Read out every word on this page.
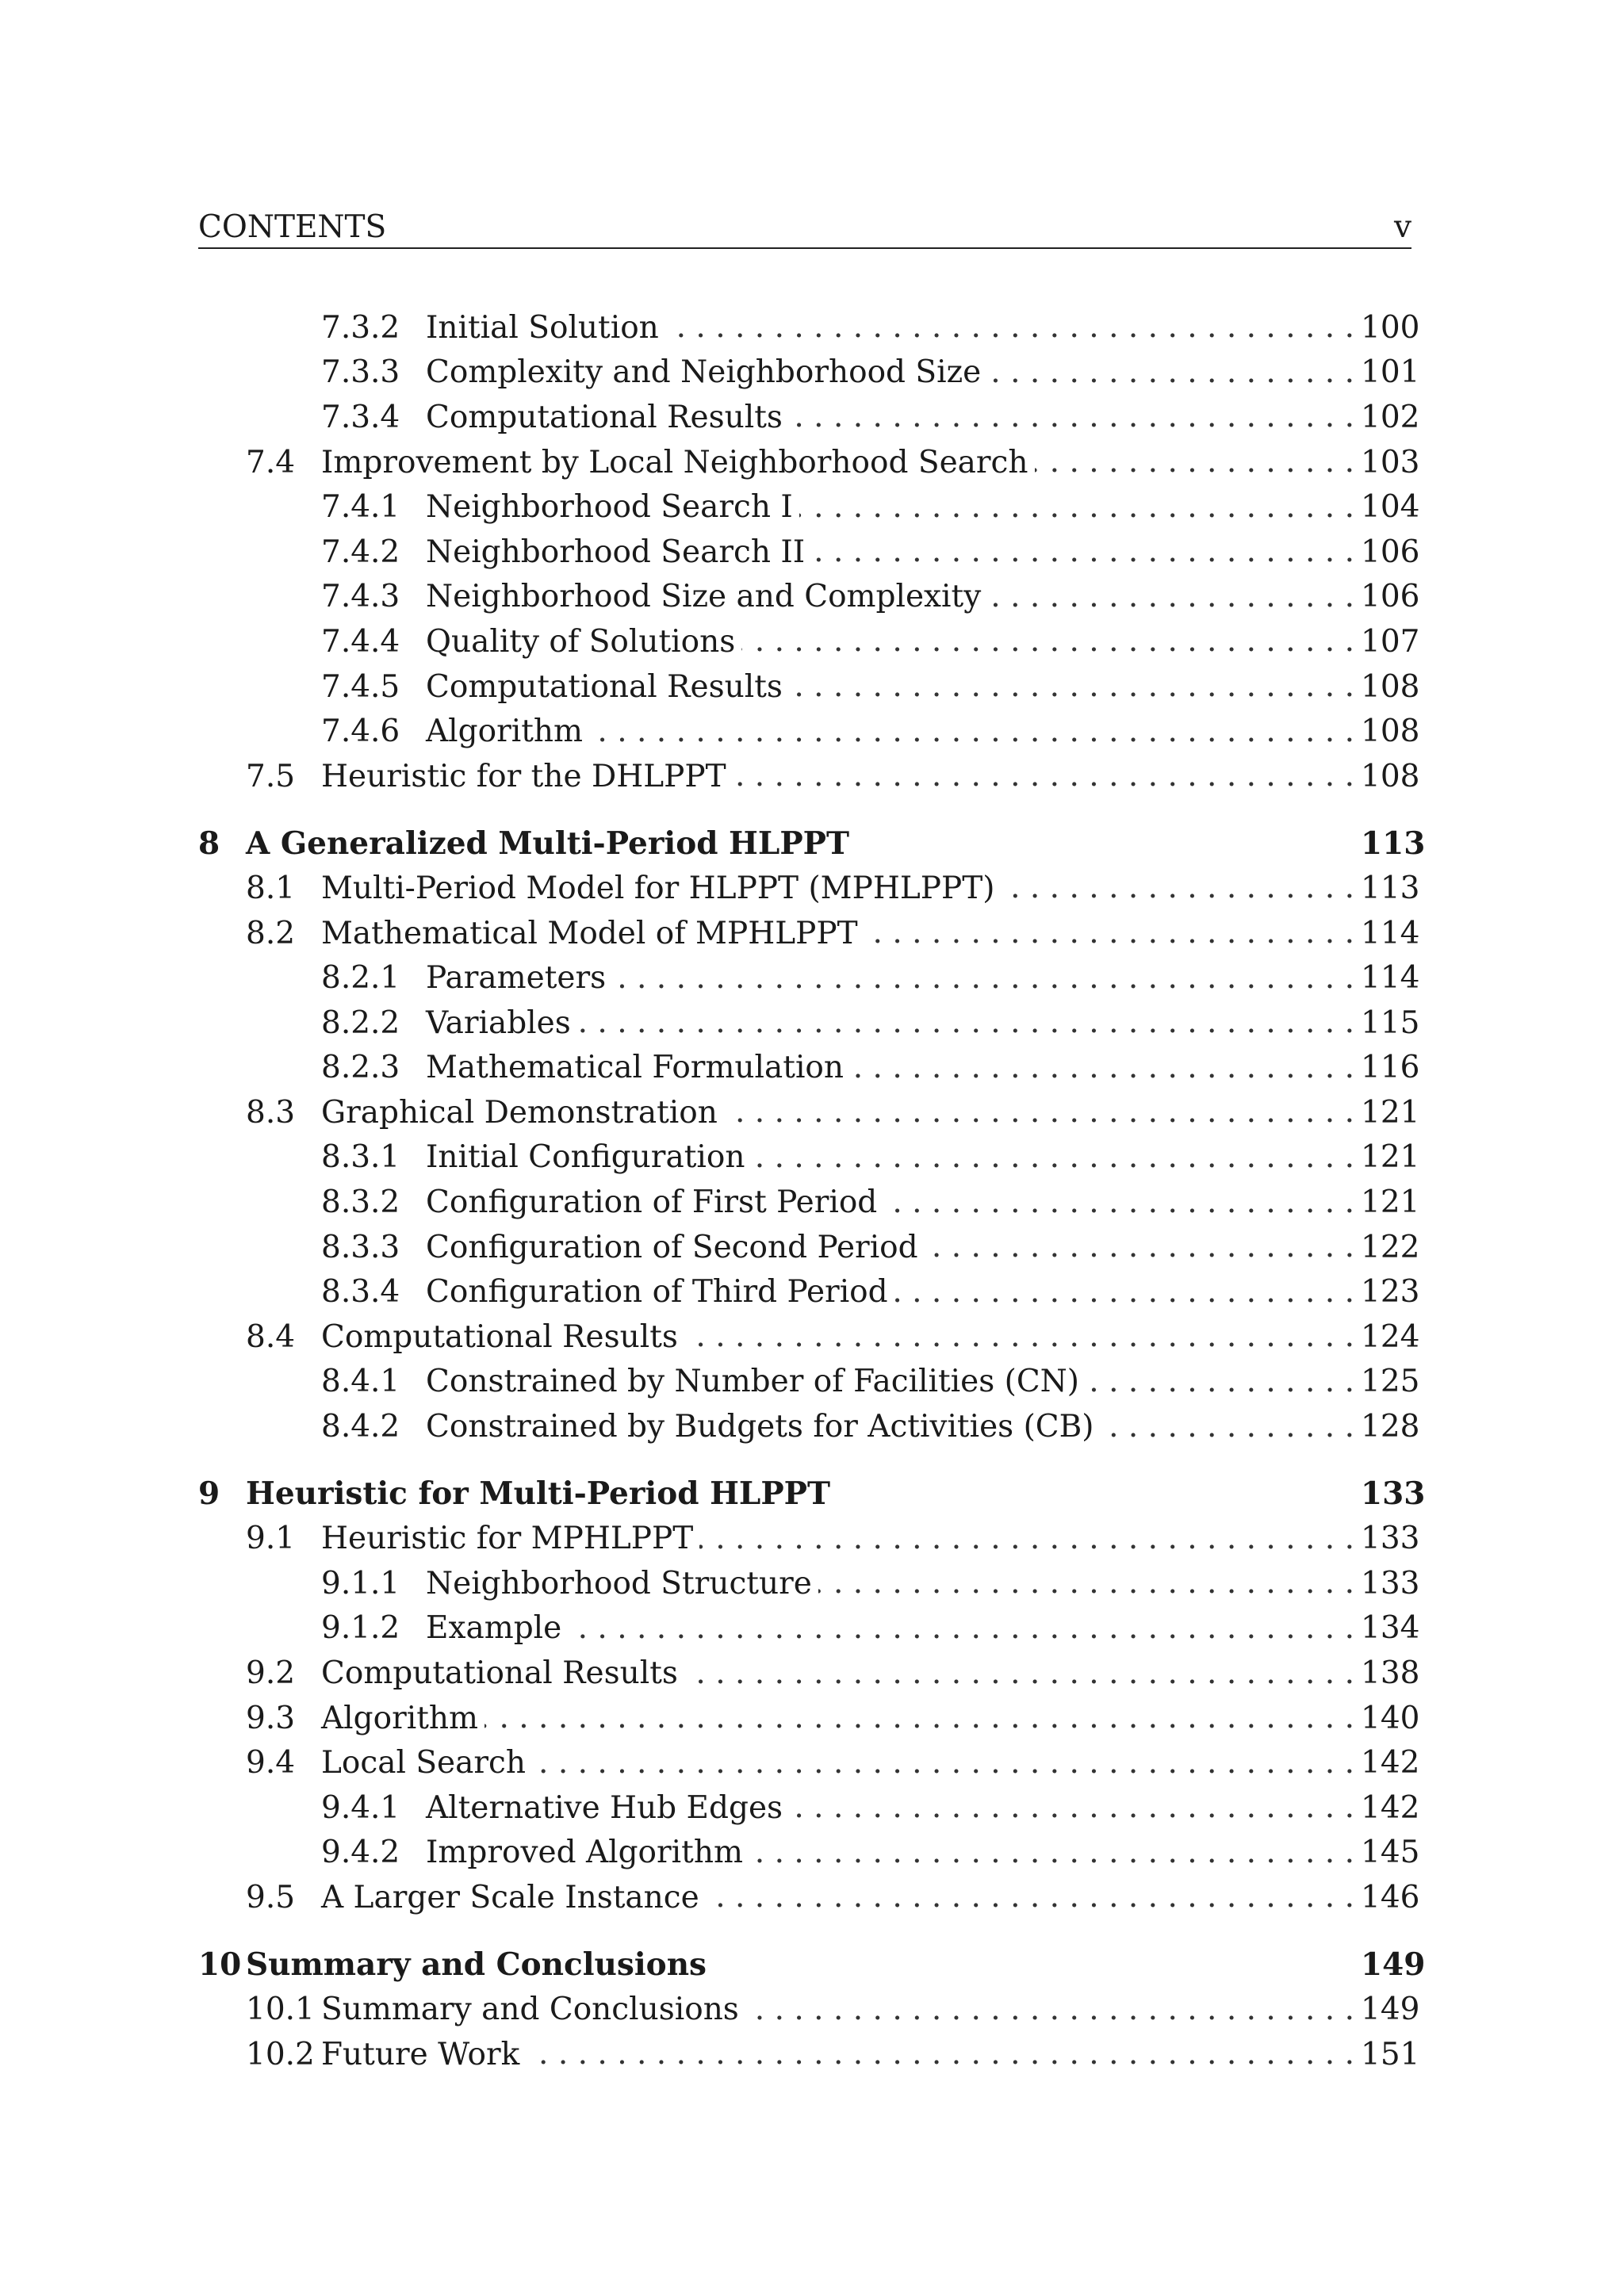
CONTENTS	v
7.3.2 Initial Solution . . .	100
7.3.3 Complexity and Neighborhood Size . . .	101
7.3.4 Computational Results . . .	102
7.4 Improvement by Local Neighborhood Search . . .	103
7.4.1 Neighborhood Search I . . .	104
7.4.2 Neighborhood Search II . . .	106
7.4.3 Neighborhood Size and Complexity . . .	106
7.4.4 Quality of Solutions . . .	107
7.4.5 Computational Results . . .	108
7.4.6 Algorithm . . .	108
7.5 Heuristic for the DHLPPT . . .	108
8 A Generalized Multi-Period HLPPT	113
8.1 Multi-Period Model for HLPPT (MPHLPPT) . . .	113
8.2 Mathematical Model of MPHLPPT . . .	114
8.2.1 Parameters . . .	114
8.2.2 Variables . . .	115
8.2.3 Mathematical Formulation . . .	116
8.3 Graphical Demonstration . . .	121
8.3.1 Initial Configuration . . .	121
8.3.2 Configuration of First Period . . .	121
8.3.3 Configuration of Second Period . . .	122
8.3.4 Configuration of Third Period . . .	123
8.4 Computational Results . . .	124
8.4.1 Constrained by Number of Facilities (CN) . . .	125
8.4.2 Constrained by Budgets for Activities (CB) . . .	128
9 Heuristic for Multi-Period HLPPT	133
9.1 Heuristic for MPHLPPT . . .	133
9.1.1 Neighborhood Structure . . .	133
9.1.2 Example . . .	134
9.2 Computational Results . . .	138
9.3 Algorithm . . .	140
9.4 Local Search . . .	142
9.4.1 Alternative Hub Edges . . .	142
9.4.2 Improved Algorithm . . .	145
9.5 A Larger Scale Instance . . .	146
10 Summary and Conclusions	149
10.1 Summary and Conclusions . . .	149
10.2 Future Work . . .	151
